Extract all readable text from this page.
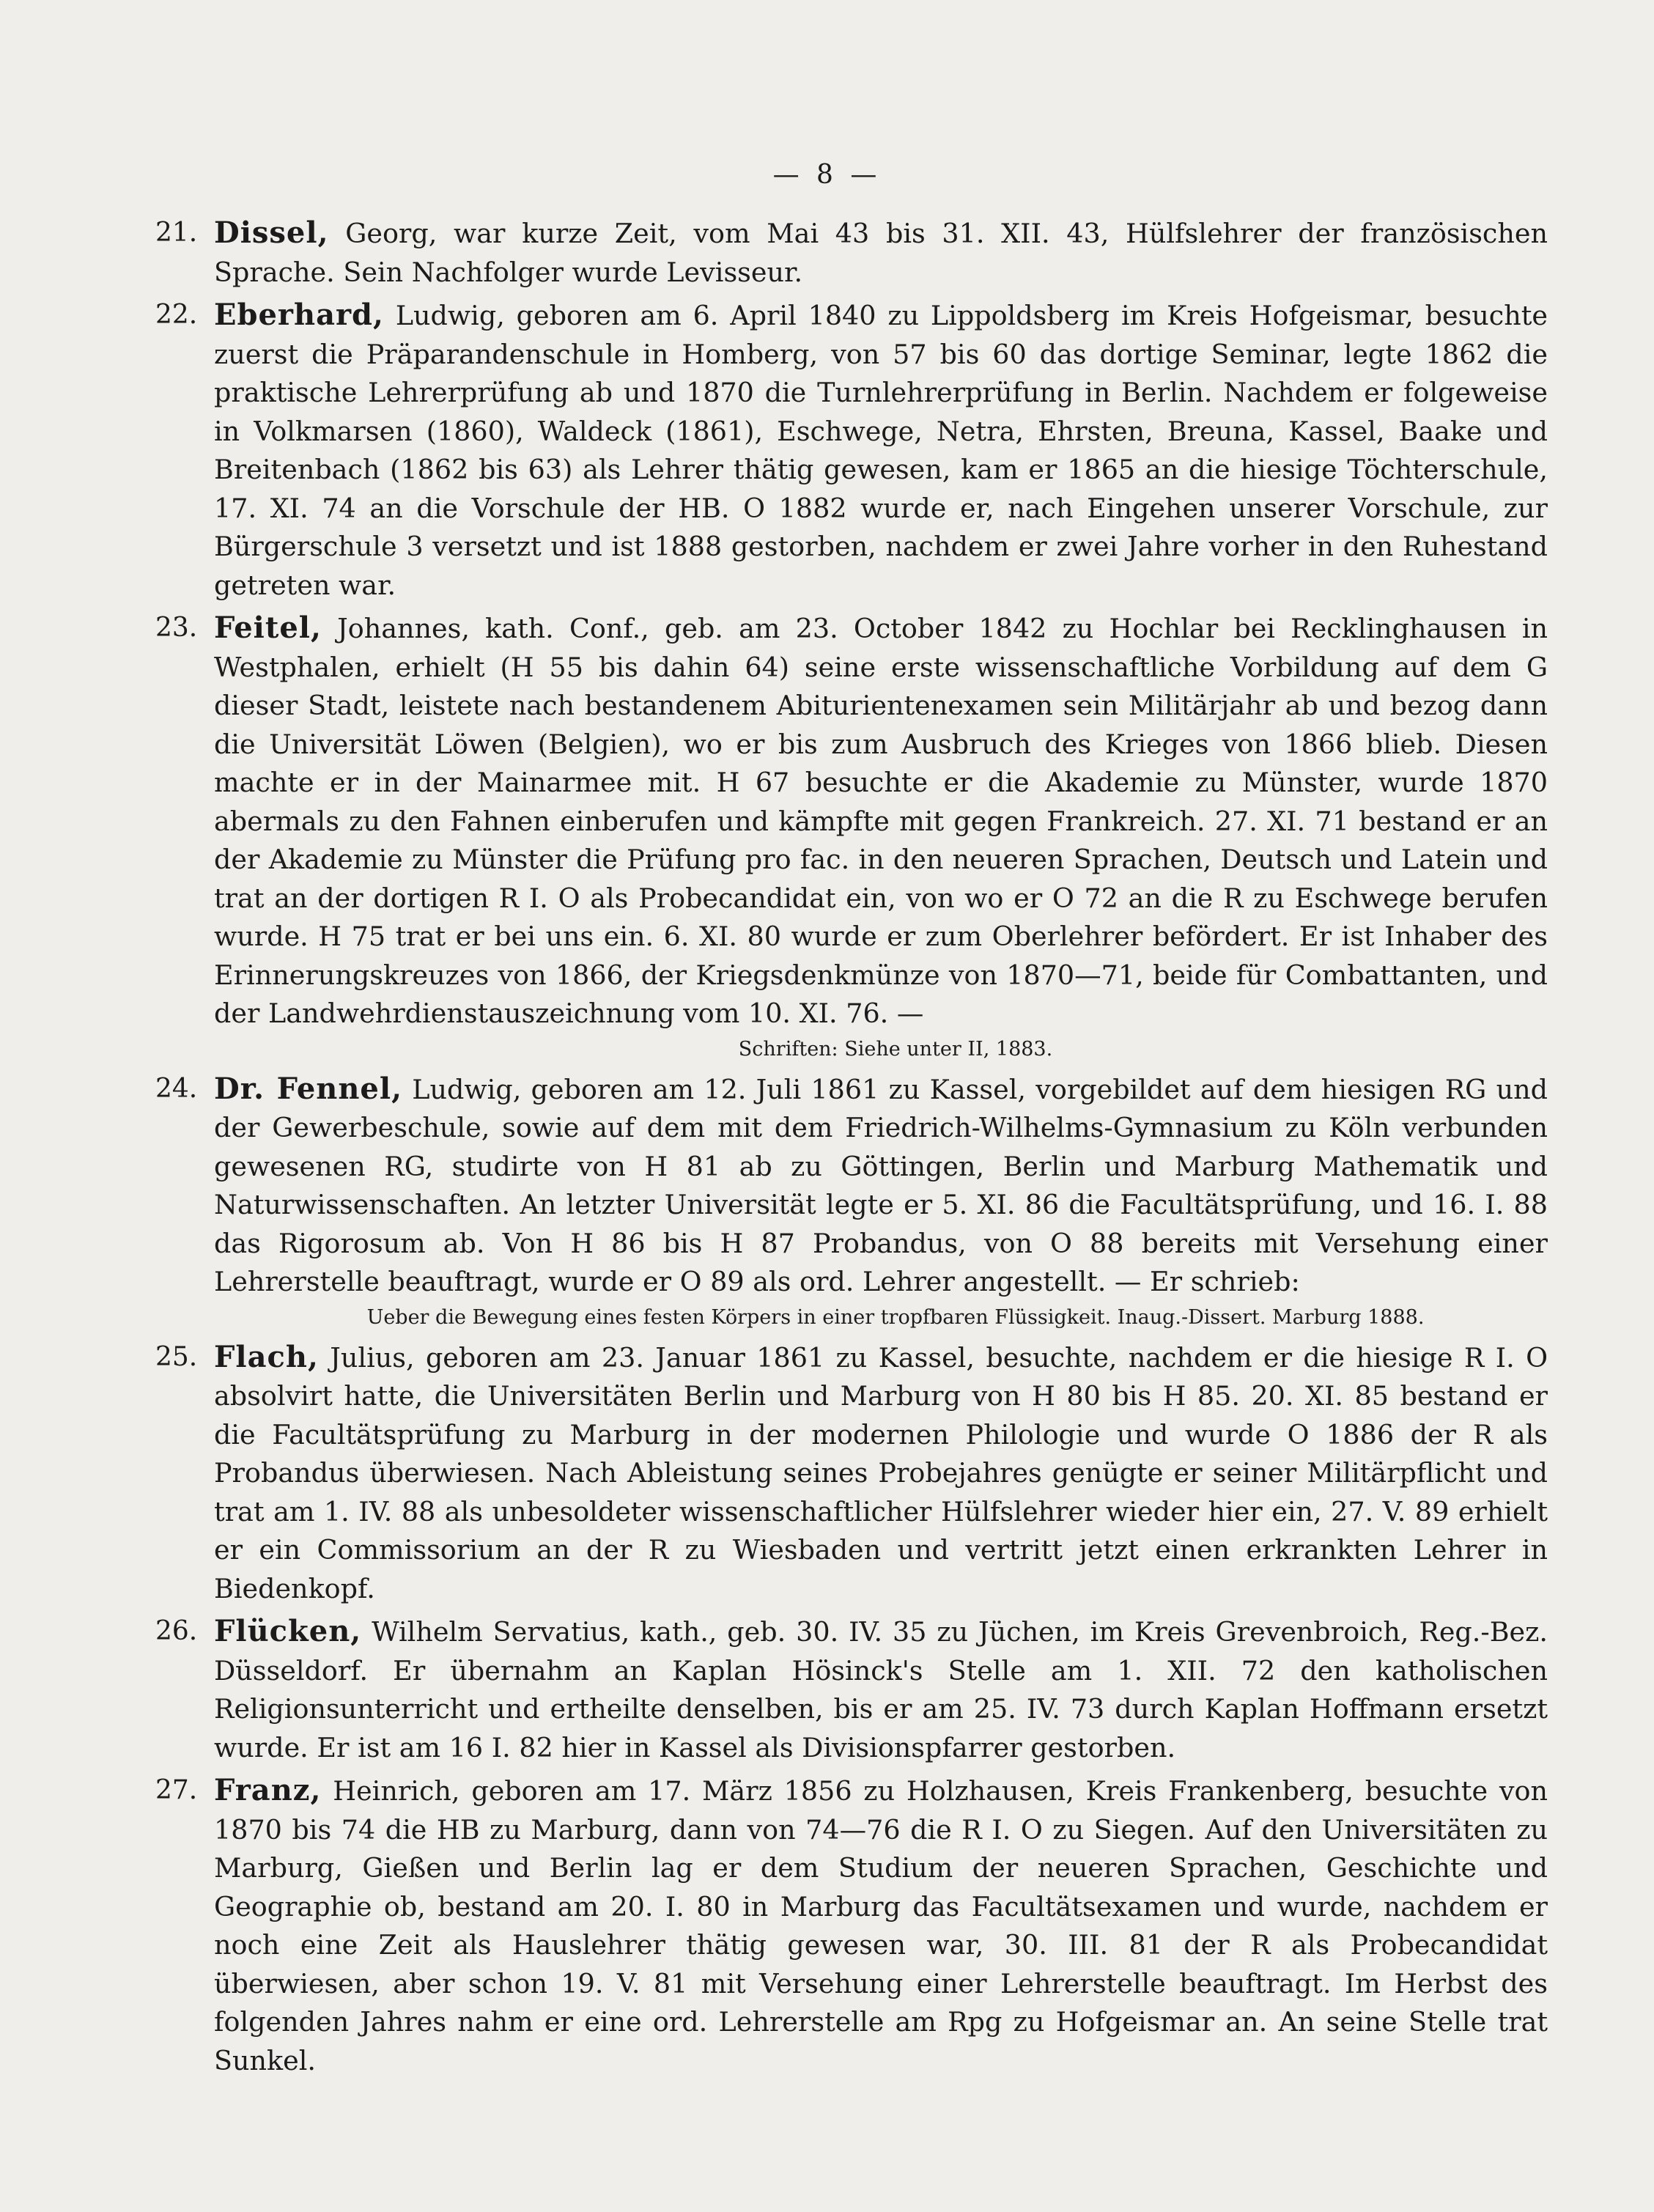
— 8 —
21. Dissel, Georg, war kurze Zeit, vom Mai 43 bis 31. XII. 43, Hülfslehrer der französischen Sprache. Sein Nachfolger wurde Levisseur.
22. Eberhard, Ludwig, geboren am 6. April 1840 zu Lippoldsberg im Kreis Hofgeismar, besuchte zuerst die Präparandenschule in Homberg, von 57 bis 60 das dortige Seminar, legte 1862 die praktische Lehrerprüfung ab und 1870 die Turnlehrerprüfung in Berlin. Nachdem er folgeweise in Volkmarsen (1860), Waldeck (1861), Eschwege, Netra, Ehrsten, Breuna, Kassel, Baake und Breitenbach (1862 bis 63) als Lehrer thätig gewesen, kam er 1865 an die hiesige Töchterschule, 17. XI. 74 an die Vorschule der HB. O 1882 wurde er, nach Eingehen unserer Vorschule, zur Bürgerschule 3 versetzt und ist 1888 gestorben, nachdem er zwei Jahre vorher in den Ruhestand getreten war.
23. Feitel, Johannes, kath. Conf., geb. am 23. October 1842 zu Hochlar bei Recklinghausen in Westphalen, erhielt (H 55 bis dahin 64) seine erste wissenschaftliche Vorbildung auf dem G dieser Stadt, leistete nach bestandenem Abiturientenexamen sein Militärjahr ab und bezog dann die Universität Löwen (Belgien), wo er bis zum Ausbruch des Krieges von 1866 blieb. Diesen machte er in der Mainarmee mit. H 67 besuchte er die Akademie zu Münster, wurde 1870 abermals zu den Fahnen einberufen und kämpfte mit gegen Frankreich. 27. XI. 71 bestand er an der Akademie zu Münster die Prüfung pro fac. in den neueren Sprachen, Deutsch und Latein und trat an der dortigen R I. O als Probecandidat ein, von wo er O 72 an die R zu Eschwege berufen wurde. H 75 trat er bei uns ein. 6. XI. 80 wurde er zum Oberlehrer befördert. Er ist Inhaber des Erinnerungskreuzes von 1866, der Kriegsdenkmünze von 1870—71, beide für Combattanten, und der Landwehrdienstauszeichnung vom 10. XI. 76. —
Schriften: Siehe unter II, 1883.
24. Dr. Fennel, Ludwig, geboren am 12. Juli 1861 zu Kassel, vorgebildet auf dem hiesigen RG und der Gewerbeschule, sowie auf dem mit dem Friedrich-Wilhelms-Gymnasium zu Köln verbunden gewesenen RG, studirte von H 81 ab zu Göttingen, Berlin und Marburg Mathematik und Naturwissenschaften. An letzter Universität legte er 5. XI. 86 die Facultätsprüfung, und 16. I. 88 das Rigorosum ab. Von H 86 bis H 87 Probandus, von O 88 bereits mit Versehung einer Lehrerstelle beauftragt, wurde er O 89 als ord. Lehrer angestellt. — Er schrieb:
Ueber die Bewegung eines festen Körpers in einer tropfbaren Flüssigkeit. Inaug.-Dissert. Marburg 1888.
25. Flach, Julius, geboren am 23. Januar 1861 zu Kassel, besuchte, nachdem er die hiesige R I. O absolvirt hatte, die Universitäten Berlin und Marburg von H 80 bis H 85. 20. XI. 85 bestand er die Facultätsprüfung zu Marburg in der modernen Philologie und wurde O 1886 der R als Probandus überwiesen. Nach Ableistung seines Probejahres genügte er seiner Militärpflicht und trat am 1. IV. 88 als unbesoldeter wissenschaftlicher Hülfslehrer wieder hier ein, 27. V. 89 erhielt er ein Commissorium an der R zu Wiesbaden und vertritt jetzt einen erkrankten Lehrer in Biedenkopf.
26. Flücken, Wilhelm Servatius, kath., geb. 30. IV. 35 zu Jüchen, im Kreis Grevenbroich, Reg.-Bez. Düsseldorf. Er übernahm an Kaplan Hösinck's Stelle am 1. XII. 72 den katholischen Religionsunterricht und ertheilte denselben, bis er am 25. IV. 73 durch Kaplan Hoffmann ersetzt wurde. Er ist am 16 I. 82 hier in Kassel als Divisionspfarrer gestorben.
27. Franz, Heinrich, geboren am 17. März 1856 zu Holzhausen, Kreis Frankenberg, besuchte von 1870 bis 74 die HB zu Marburg, dann von 74—76 die R I. O zu Siegen. Auf den Universitäten zu Marburg, Gießen und Berlin lag er dem Studium der neueren Sprachen, Geschichte und Geographie ob, bestand am 20. I. 80 in Marburg das Facultätsexamen und wurde, nachdem er noch eine Zeit als Hauslehrer thätig gewesen war, 30. III. 81 der R als Probecandidat überwiesen, aber schon 19. V. 81 mit Versehung einer Lehrerstelle beauftragt. Im Herbst des folgenden Jahres nahm er eine ord. Lehrerstelle am Rpg zu Hofgeismar an. An seine Stelle trat Sunkel.
